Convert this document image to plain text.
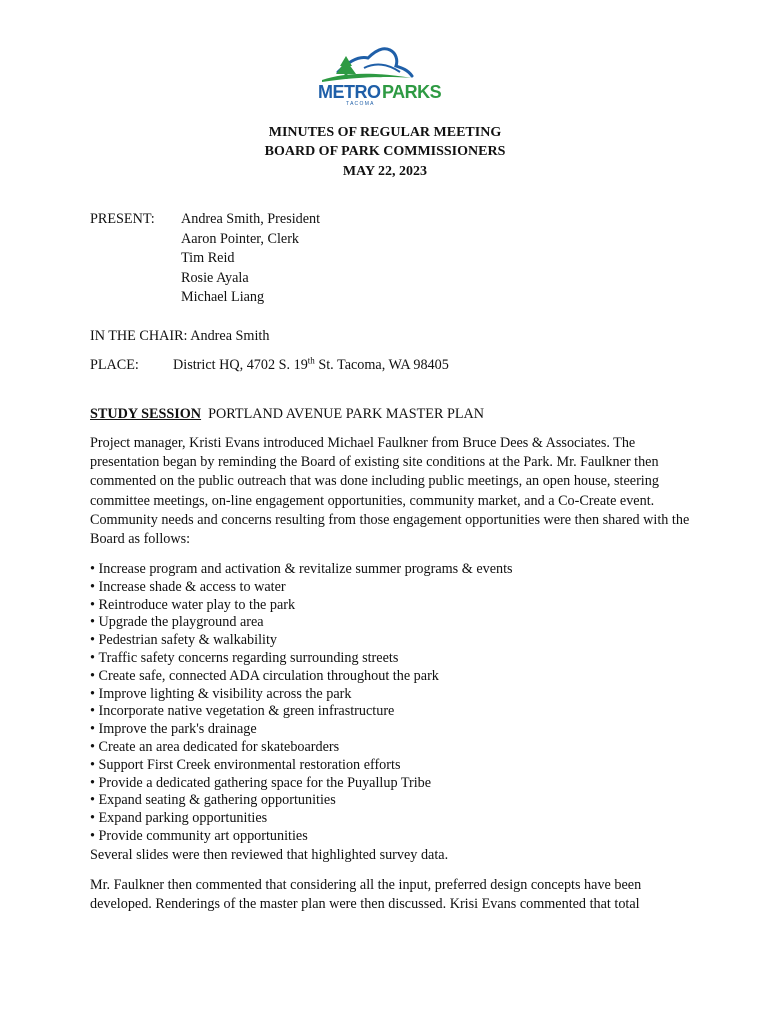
METRO PARKS
T A C O M A
MINUTES OF REGULAR MEETING
BOARD OF PARK COMMISSIONERS
MAY 22, 2023
PRESENT: Andrea Smith, President
Aaron Pointer, Clerk
Tim Reid
Rosie Ayala
Michael Liang
IN THE CHAIR: Andrea Smith
PLACE: District HQ, 4702 S. 19th St. Tacoma, WA 98405
STUDY SESSION  PORTLAND AVENUE PARK MASTER PLAN

Project manager, Kristi Evans introduced Michael Faulkner from Bruce Dees & Associates. The presentation began by reminding the Board of existing site conditions at the Park. Mr. Faulkner then commented on the public outreach that was done including public meetings, an open house, steering committee meetings, on-line engagement opportunities, community market, and a Co-Create event. Community needs and concerns resulting from those engagement opportunities were then shared with the Board as follows:

• Increase program and activation & revitalize summer programs & events
• Increase shade & access to water
• Reintroduce water play to the park
• Upgrade the playground area
• Pedestrian safety & walkability
• Traffic safety concerns regarding surrounding streets
• Create safe, connected ADA circulation throughout the park
• Improve lighting & visibility across the park
• Incorporate native vegetation & green infrastructure
• Improve the park's drainage
• Create an area dedicated for skateboarders
• Support First Creek environmental restoration efforts
• Provide a dedicated gathering space for the Puyallup Tribe
• Expand seating & gathering opportunities
• Expand parking opportunities
• Provide community art opportunities
Several slides were then reviewed that highlighted survey data.

Mr. Faulkner then commented that considering all the input, preferred design concepts have been developed. Renderings of the master plan were then discussed. Krisi Evans commented that total
